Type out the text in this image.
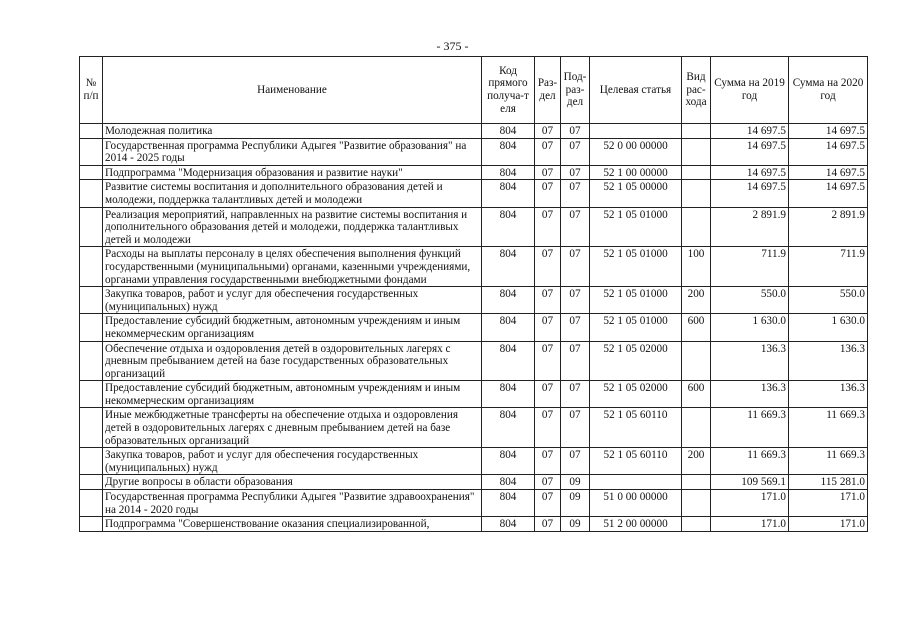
- 375 -
№ п/п	Наименование	Код прямого получа-т еля	Раз-дел	Под-раз-дел	Целевая статья	Вид рас-хода	Сумма на 2019 год	Сумма на 2020 год
	Молодежная политика	804	07	07			14 697.5	14 697.5
	Государственная программа Республики Адыгея "Развитие образования" на 2014 - 2025 годы	804	07	07	52 0 00 00000		14 697.5	14 697.5
	Подпрограмма "Модернизация образования и развитие науки"	804	07	07	52 1 00 00000		14 697.5	14 697.5
	Развитие системы воспитания и дополнительного образования детей и молодежи, поддержка талантливых детей и молодежи	804	07	07	52 1 05 00000		14 697.5	14 697.5
	Реализация мероприятий, направленных на развитие системы воспитания и дополнительного образования детей и молодежи, поддержка талантливых детей и молодежи	804	07	07	52 1 05 01000		2 891.9	2 891.9
	Расходы на выплаты персоналу в целях обеспечения выполнения функций государственными (муниципальными) органами, казенными учреждениями, органами управления государственными внебюджетными фондами	804	07	07	52 1 05 01000	100	711.9	711.9
	Закупка товаров, работ и услуг для обеспечения государственных (муниципальных) нужд	804	07	07	52 1 05 01000	200	550.0	550.0
	Предоставление субсидий бюджетным, автономным учреждениям и иным некоммерческим организациям	804	07	07	52 1 05 01000	600	1 630.0	1 630.0
	Обеспечение отдыха и оздоровления детей в оздоровительных лагерях с дневным пребыванием детей на базе государственных образовательных организаций	804	07	07	52 1 05 02000		136.3	136.3
	Предоставление субсидий бюджетным, автономным учреждениям и иным некоммерческим организациям	804	07	07	52 1 05 02000	600	136.3	136.3
	Иные межбюджетные трансферты на обеспечение отдыха и оздоровления детей в оздоровительных лагерях с дневным пребыванием детей на базе образовательных организаций	804	07	07	52 1 05 60110		11 669.3	11 669.3
	Закупка товаров, работ и услуг для обеспечения государственных (муниципальных) нужд	804	07	07	52 1 05 60110	200	11 669.3	11 669.3
	Другие вопросы в области образования	804	07	09			109 569.1	115 281.0
	Государственная программа Республики Адыгея "Развитие здравоохранения" на 2014 - 2020 годы	804	07	09	51 0 00 00000		171.0	171.0
	Подпрограмма "Совершенствование оказания специализированной,	804	07	09	51 2 00 00000		171.0	171.0
